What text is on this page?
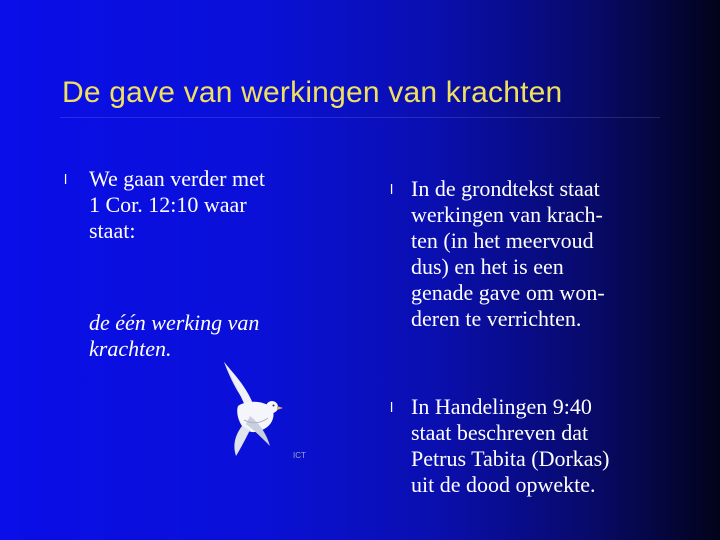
De gave van werkingen van krachten
l We gaan verder met
1 Cor. 12:10 waar
staat:
de één werking van
krachten.
l In de grondtekst staat
werkingen van krach-
ten (in het meervoud
dus) en het is een
genade gave om won-
deren te verrichten.
l In Handelingen 9:40
staat beschreven dat
Petrus Tabita (Dorkas)
uit de dood opwekte.
ICT
